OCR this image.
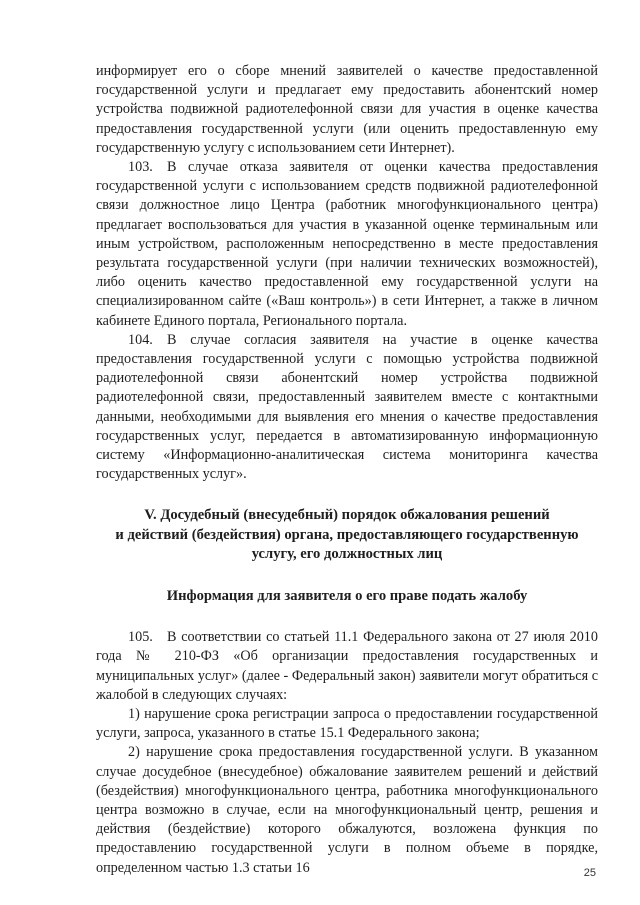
информирует его о сборе мнений заявителей о качестве предоставленной государственной услуги и предлагает ему предоставить абонентский номер устройства подвижной радиотелефонной связи для участия в оценке качества предоставления государственной услуги (или оценить предоставленную ему государственную услугу с использованием сети Интернет).

103. В случае отказа заявителя от оценки качества предоставления государственной услуги с использованием средств подвижной радиотелефонной связи должностное лицо Центра (работник многофункционального центра) предлагает воспользоваться для участия в указанной оценке терминальным или иным устройством, расположенным непосредственно в месте предоставления результата государственной услуги (при наличии технических возможностей), либо оценить качество предоставленной ему государственной услуги на специализированном сайте («Ваш контроль») в сети Интернет, а также в личном кабинете Единого портала, Регионального портала.

104. В случае согласия заявителя на участие в оценке качества предоставления государственной услуги с помощью устройства подвижной радиотелефонной связи абонентский номер устройства подвижной радиотелефонной связи, предоставленный заявителем вместе с контактными данными, необходимыми для выявления его мнения о качестве предоставления государственных услуг, передается в автоматизированную информационную систему «Информационно-аналитическая система мониторинга качества государственных услуг».

V. Досудебный (внесудебный) порядок обжалования решений

и действий (бездействия) органа, предоставляющего государственную

услугу, его должностных лиц

Информация для заявителя о его праве подать жалобу

105. В соответствии со статьей 11.1 Федерального закона от 27 июля 2010 года № 210-ФЗ «Об организации предоставления государственных и муниципальных услуг» (далее - Федеральный закон) заявители могут обратиться с жалобой в следующих случаях:

1) нарушение срока регистрации запроса о предоставлении государственной услуги, запроса, указанного в статье 15.1 Федерального закона;

2) нарушение срока предоставления государственной услуги. В указанном случае досудебное (внесудебное) обжалование заявителем решений и действий (бездействия) многофункционального центра, работника многофункционального центра возможно в случае, если на многофункциональный центр, решения и действия (бездействие) которого обжалуются, возложена функция по предоставлению государственной услуги в полном объеме в порядке, определенном частью 1.3 статьи 16	25
